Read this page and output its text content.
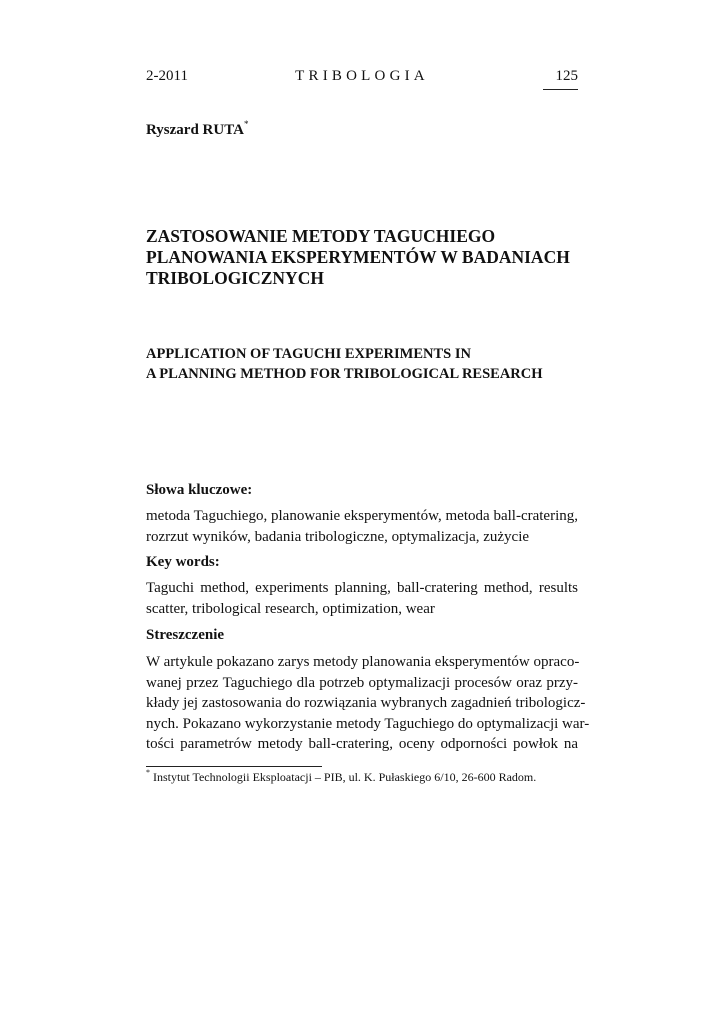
2-2011	TRIBOLOGIA	125
Ryszard RUTA*
ZASTOSOWANIE METODY TAGUCHIEGO
PLANOWANIA EKSPERYMENTÓW W BADANIACH
TRIBOLOGICZNYCH
APPLICATION OF TAGUCHI EXPERIMENTS IN
A PLANNING METHOD FOR TRIBOLOGICAL RESEARCH
Słowa kluczowe:
metoda Taguchiego, planowanie eksperymentów, metoda ball-cratering,
rozrzut wyników, badania tribologiczne, optymalizacja, zużycie
Key words:
Taguchi method, experiments planning, ball-cratering method, results
scatter, tribological research, optimization, wear
Streszczenie
W artykule pokazano zarys metody planowania eksperymentów opraco-
wanej przez Taguchiego dla potrzeb optymalizacji procesów oraz przy-
kłady jej zastosowania do rozwiązania wybranych zagadnień tribologicz-
nych. Pokazano wykorzystanie metody Taguchiego do optymalizacji war-
tości parametrów metody ball-cratering, oceny odporności powłok na
* Instytut Technologii Eksploatacji – PIB, ul. K. Pułaskiego 6/10, 26-600 Radom.
